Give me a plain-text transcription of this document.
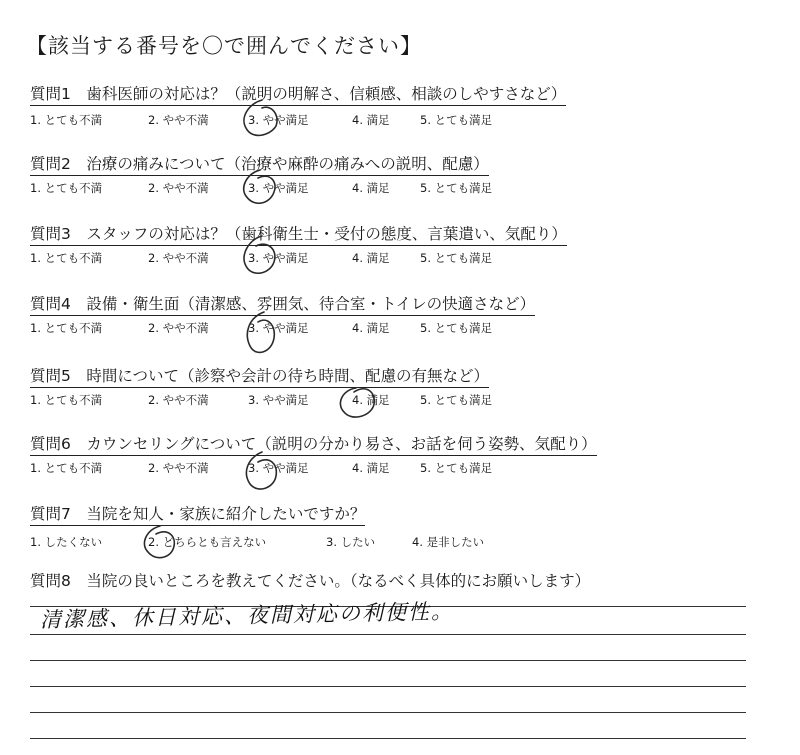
【該当する番号を〇で囲んでください】
質問1　歯科医師の対応は？（説明の明解さ、信頼感、相談のしやすさなど）
1. とても不満	2. やや不満	3. やや満足	4. 満足	5. とても満足
質問2　治療の痛みについて（治療や麻酔の痛みへの説明、配慮）
1. とても不満	2. やや不満	3. やや満足	4. 満足	5. とても満足
質問3　スタッフの対応は？（歯科衛生士・受付の態度、言葉遣い、気配り）
1. とても不満	2. やや不満	3. やや満足	4. 満足	5. とても満足
質問4　設備・衛生面（清潔感、雰囲気、待合室・トイレの快適さなど）
1. とても不満	2. やや不満	3. やや満足	4. 満足	5. とても満足
質問5　時間について（診察や会計の待ち時間、配慮の有無など）
1. とても不満	2. やや不満	3. やや満足	4. 満足	5. とても満足
質問6　カウンセリングについて（説明の分かり易さ、お話を伺う姿勢、気配り）
1. とても不満	2. やや不満	3. やや満足	4. 満足	5. とても満足
質問7　当院を知人・家族に紹介したいですか？
1. したくない	2. どちらとも言えない	3. したい	4. 是非したい
質問8　当院の良いところを教えてください。（なるべく具体的にお願いします）
清潔感、休日対応、夜間対応の利便性。
